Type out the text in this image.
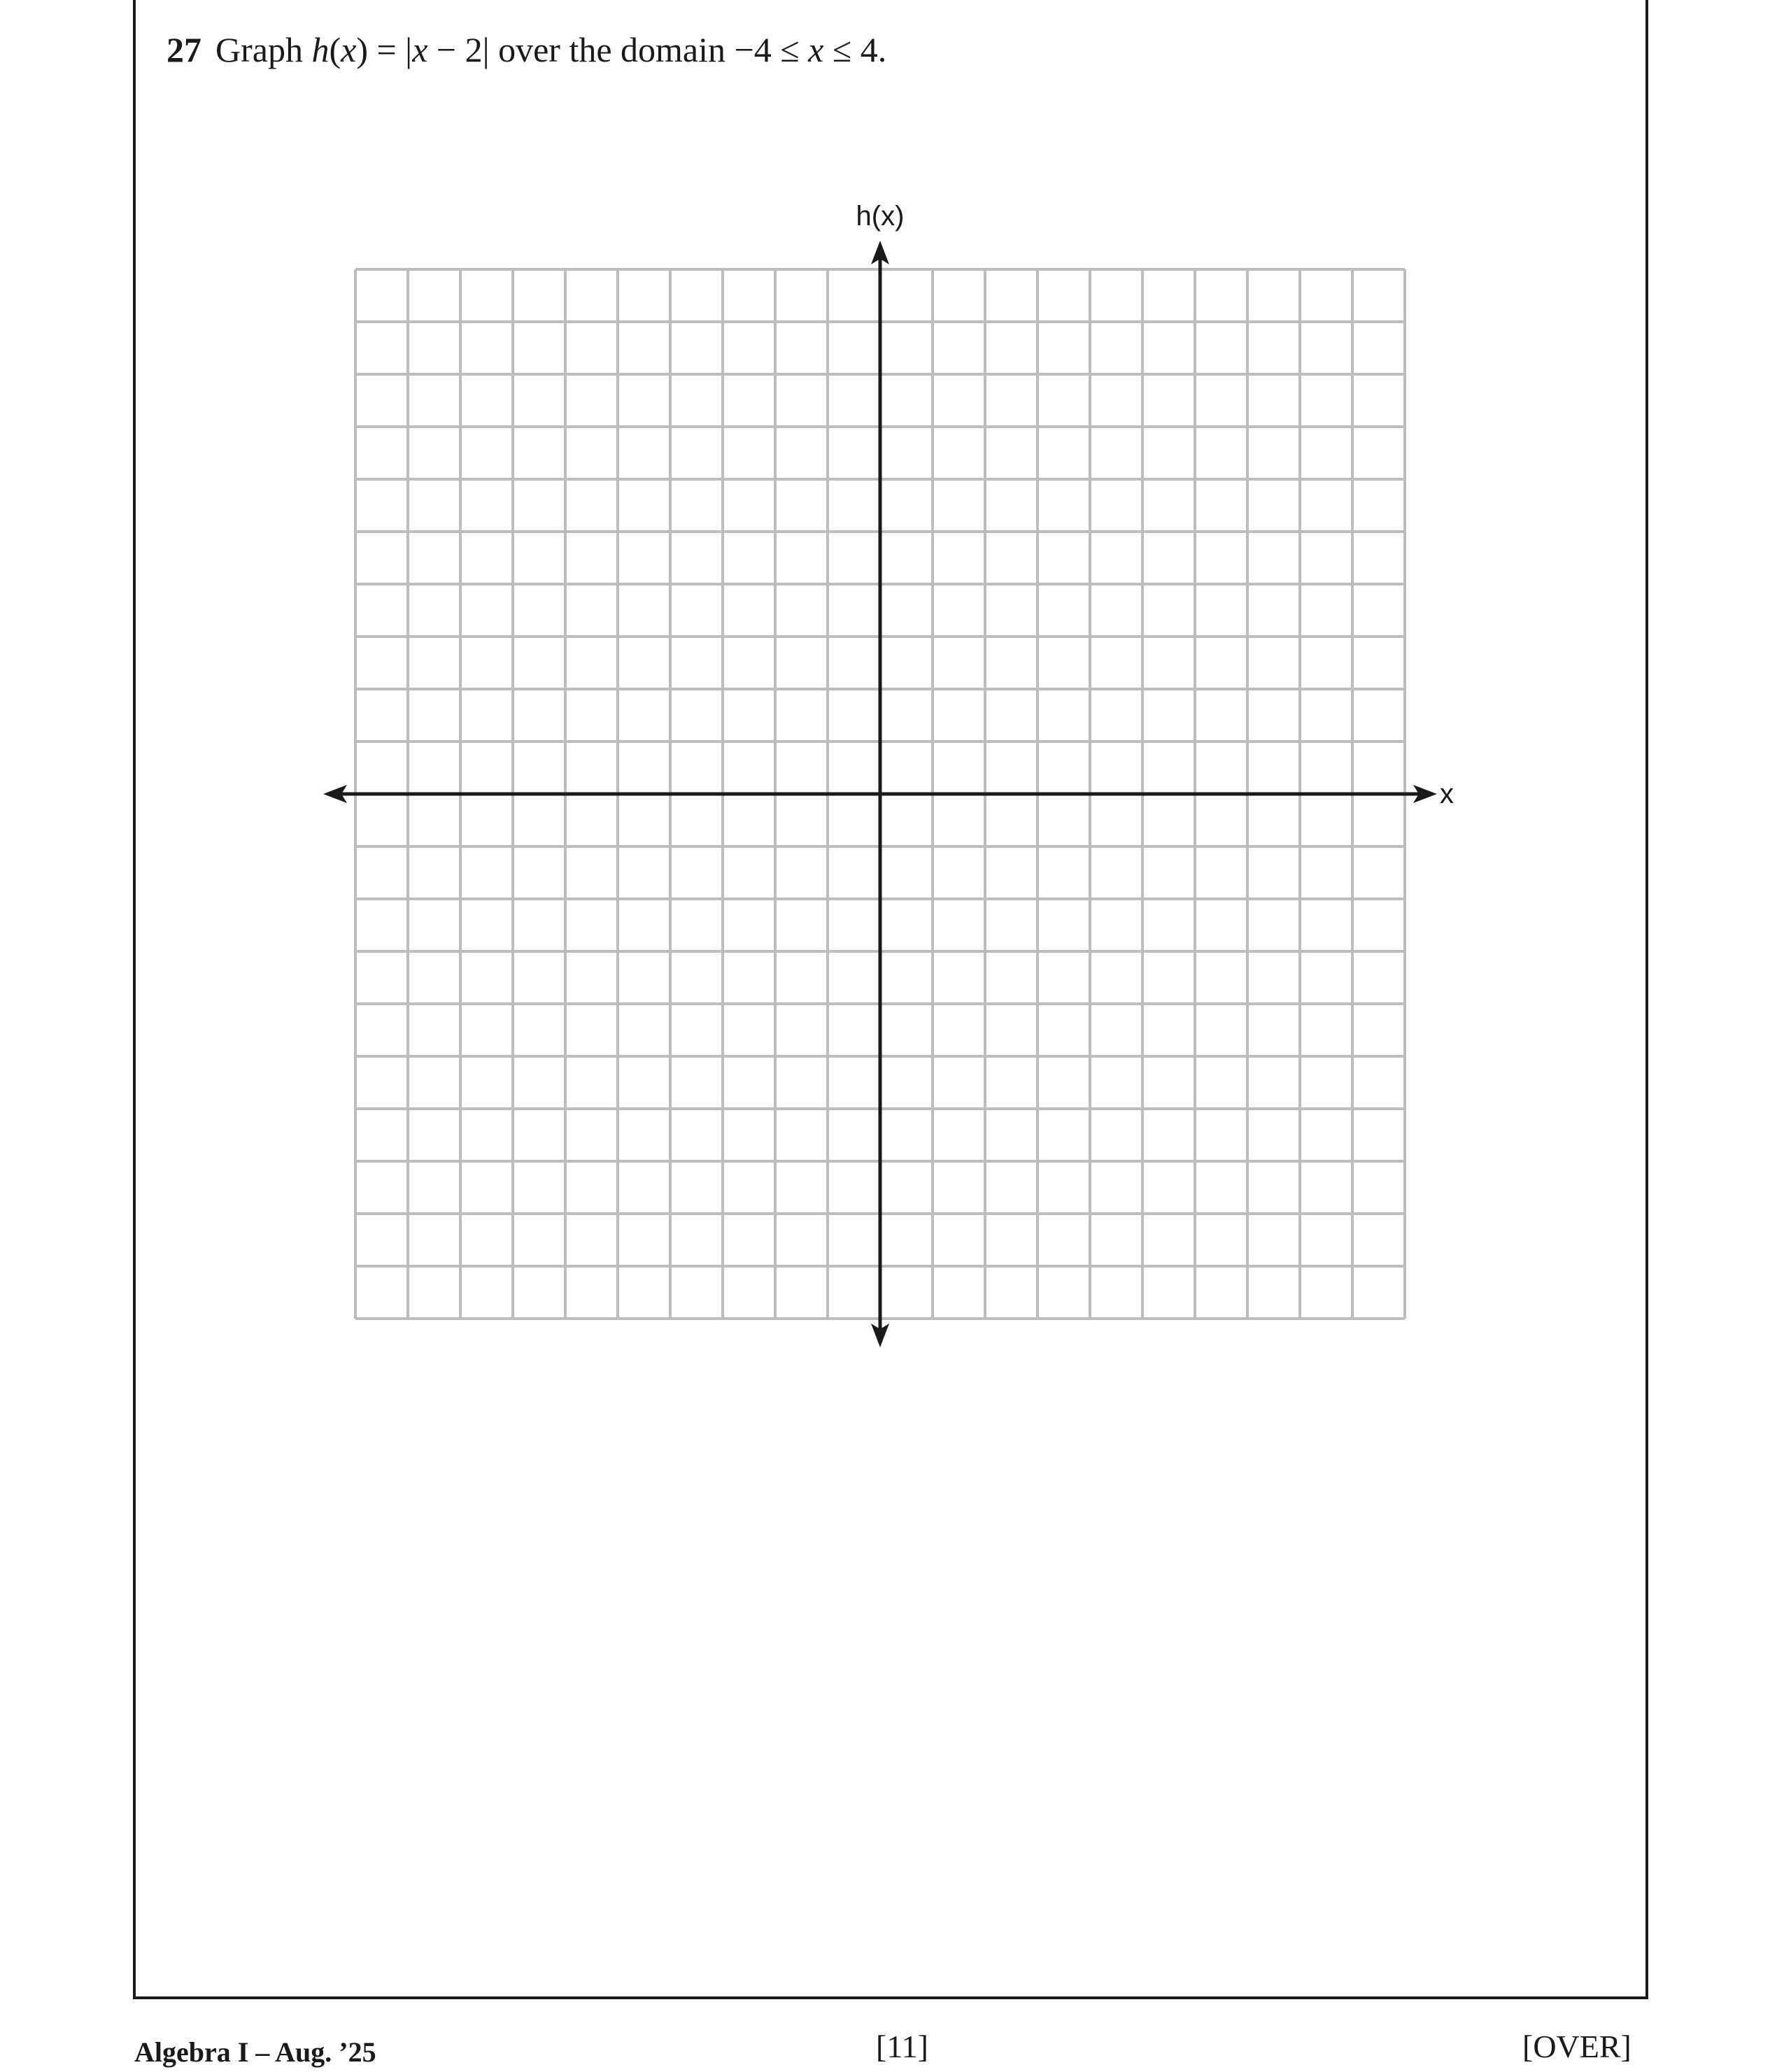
27 Graph h(x) = |x − 2| over the domain −4 ≤ x ≤ 4.
x
h(x)
Algebra I – Aug. ’25	[11]	[OVER]
